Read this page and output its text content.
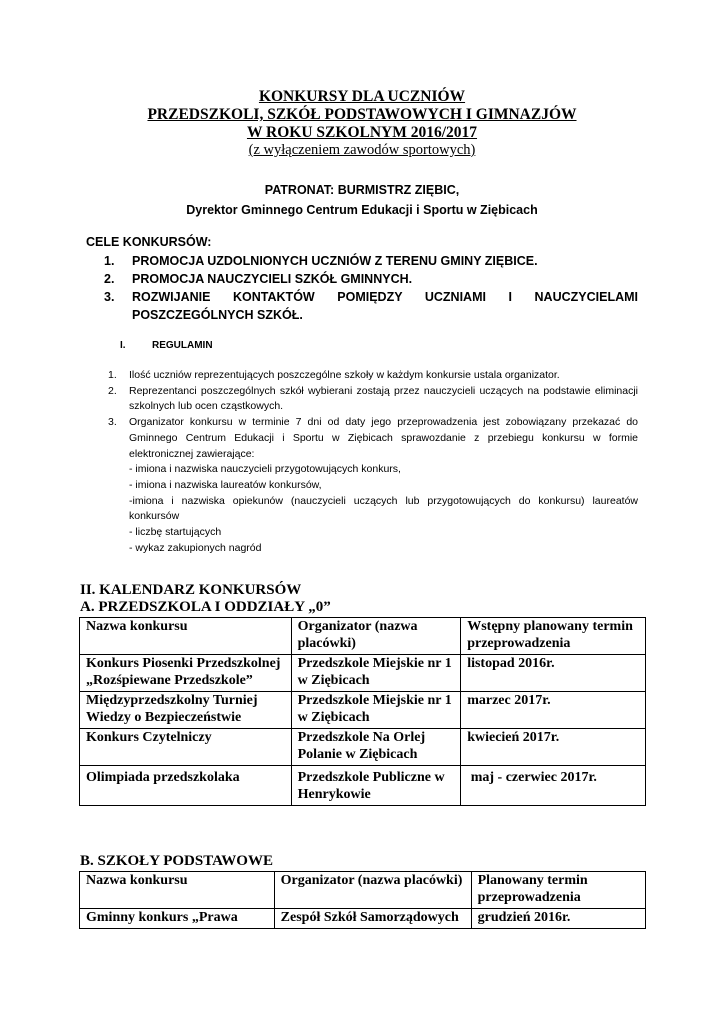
KONKURSY DLA UCZNIÓW
PRZEDSZKOLI, SZKÓŁ PODSTAWOWYCH I GIMNAZJÓW
W ROKU SZKOLNYM 2016/2017
(z wyłączeniem zawodów sportowych)
PATRONAT: BURMISTRZ ZIĘBIC,
Dyrektor Gminnego Centrum Edukacji i Sportu w Ziębicach
CELE KONKURSÓW:
1. PROMOCJA UZDOLNIONYCH UCZNIÓW Z TERENU GMINY ZIĘBICE.
2. PROMOCJA NAUCZYCIELI SZKÓŁ GMINNYCH.
3. ROZWIJANIE KONTAKTÓW POMIĘDZY UCZNIAMI I NAUCZYCIELAMI POSZCZEGÓLNYCH SZKÓŁ.
I.	REGULAMIN
1. Ilość uczniów reprezentujących poszczególne szkoły w każdym konkursie ustala organizator.
2. Reprezentanci poszczególnych szkół wybierani zostają przez nauczycieli uczących na podstawie eliminacji szkolnych lub ocen cząstkowych.
3. Organizator konkursu w terminie 7 dni od daty jego przeprowadzenia jest zobowiązany przekazać do Gminnego Centrum Edukacji i Sportu w Ziębicach sprawozdanie z przebiegu konkursu w formie elektronicznej zawierające:
- imiona i nazwiska nauczycieli przygotowujących konkurs,
- imiona i nazwiska laureatów konkursów,
-imiona i nazwiska opiekunów (nauczycieli uczących lub przygotowujących do konkursu) laureatów konkursów
- liczbę startujących
- wykaz zakupionych nagród
II. KALENDARZ KONKURSÓW
A. PRZEDSZKOLA I ODDZIAŁY „0”
Nazwa konkursu	Organizator (nazwa placówki)	Wstępny planowany termin przeprowadzenia
Konkurs Piosenki Przedszkolnej „Rozśpiewane Przedszkole”	Przedszkole Miejskie nr 1 w Ziębicach	listopad 2016r.
Międzyprzedszkolny Turniej Wiedzy o Bezpieczeństwie	Przedszkole Miejskie nr 1 w Ziębicach	marzec 2017r.
Konkurs Czytelniczy	Przedszkole Na Orlej Polanie w Ziębicach	kwiecień 2017r.
Olimpiada przedszkolaka	Przedszkole Publiczne w Henrykowie	maj - czerwiec 2017r.
B. SZKOŁY PODSTAWOWE
Nazwa konkursu	Organizator (nazwa placówki)	Planowany termin przeprowadzenia
Gminny konkurs „Prawa	Zespół Szkół Samorządowych	grudzień 2016r.
